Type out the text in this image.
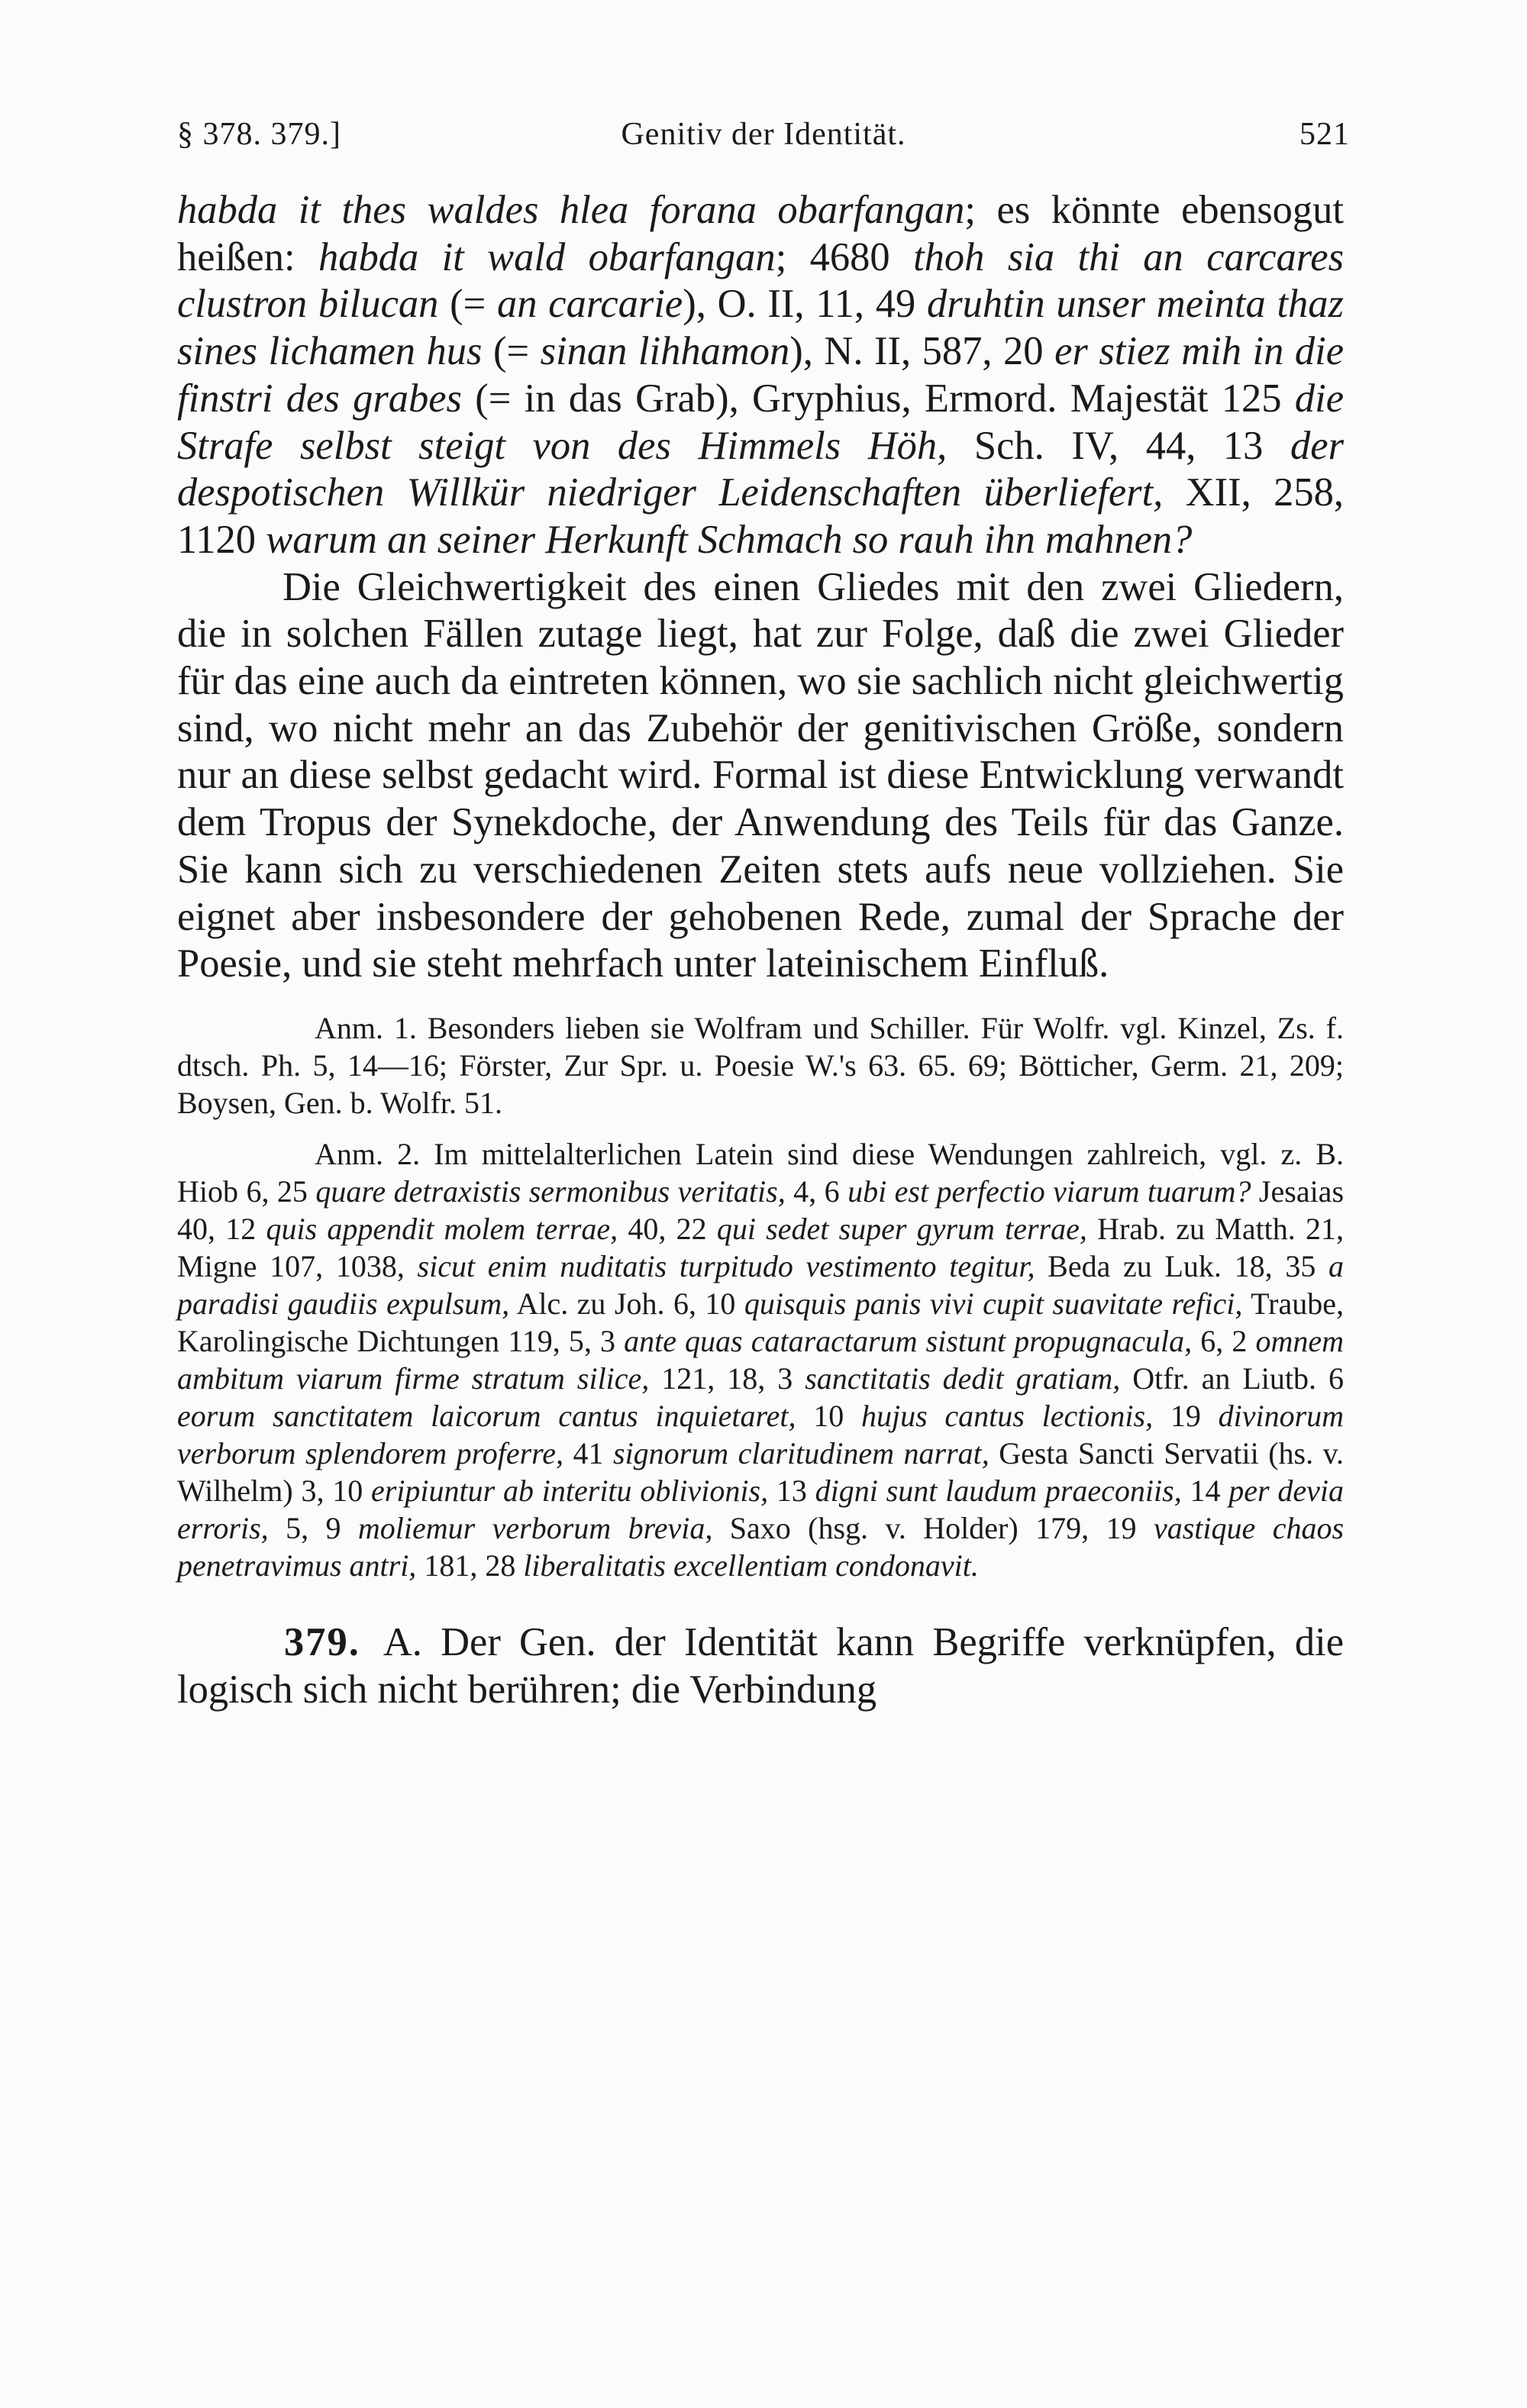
§ 378. 379.]	Genitiv der Identität.	521

habda it thes waldes hlea forana obarfangan; es könnte ebensogut heißen: habda it wald obarfangan; 4680 thoh sia thi an carcares clustron bilucan (= an carcarie), O. II, 11, 49 druhtin unser meinta thaz sines lichamen hus (= sinan lihhamon), N. II, 587, 20 er stiez mih in die finstri des grabes (= in das Grab), Gryphius, Ermord. Majestät 125 die Strafe selbst steigt von des Himmels Höh, Sch. IV, 44, 13 der despotischen Willkür niedriger Leidenschaften überliefert, XII, 258, 1120 warum an seiner Herkunft Schmach so rauh ihn mahnen?

Die Gleichwertigkeit des einen Gliedes mit den zwei Gliedern, die in solchen Fällen zutage liegt, hat zur Folge, daß die zwei Glieder für das eine auch da eintreten können, wo sie sachlich nicht gleichwertig sind, wo nicht mehr an das Zubehör der genitivischen Größe, sondern nur an diese selbst gedacht wird. Formal ist diese Entwicklung verwandt dem Tropus der Synekdoche, der Anwendung des Teils für das Ganze. Sie kann sich zu verschiedenen Zeiten stets aufs neue vollziehen. Sie eignet aber insbesondere der gehobenen Rede, zumal der Sprache der Poesie, und sie steht mehrfach unter lateinischem Einfluß.

Anm. 1. Besonders lieben sie Wolfram und Schiller. Für Wolfr. vgl. Kinzel, Zs. f. dtsch. Ph. 5, 14—16; Förster, Zur Spr. u. Poesie W.'s 63. 65. 69; Bötticher, Germ. 21, 209; Boysen, Gen. b. Wolfr. 51.

Anm. 2. Im mittelalterlichen Latein sind diese Wendungen zahlreich, vgl. z. B. Hiob 6, 25 quare detraxistis sermonibus veritatis, 4, 6 ubi est perfectio viarum tuarum? Jesaias 40, 12 quis appendit molem terrae, 40, 22 qui sedet super gyrum terrae, Hrab. zu Matth. 21, Migne 107, 1038, sicut enim nuditatis turpitudo vestimento tegitur, Beda zu Luk. 18, 35 a paradisi gaudiis expulsum, Alc. zu Joh. 6, 10 quisquis panis vivi cupit suavitate refici, Traube, Karolingische Dichtungen 119, 5, 3 ante quas cataractarum sistunt propugnacula, 6, 2 omnem ambitum viarum firme stratum silice, 121, 18, 3 sanctitatis dedit gratiam, Otfr. an Liutb. 6 eorum sanctitatem laicorum cantus inquietaret, 10 hujus cantus lectionis, 19 divinorum verborum splendorem proferre, 41 signorum claritudinem narrat, Gesta Sancti Servatii (hs. v. Wilhelm) 3, 10 eripiuntur ab interitu oblivionis, 13 digni sunt laudum praeconiis, 14 per devia erroris, 5, 9 moliemur verborum brevia, Saxo (hsg. v. Holder) 179, 19 vastique chaos penetravimus antri, 181, 28 liberalitatis excellentiam condonavit.

379. A. Der Gen. der Identität kann Begriffe verknüpfen, die logisch sich nicht berühren; die Verbindung
